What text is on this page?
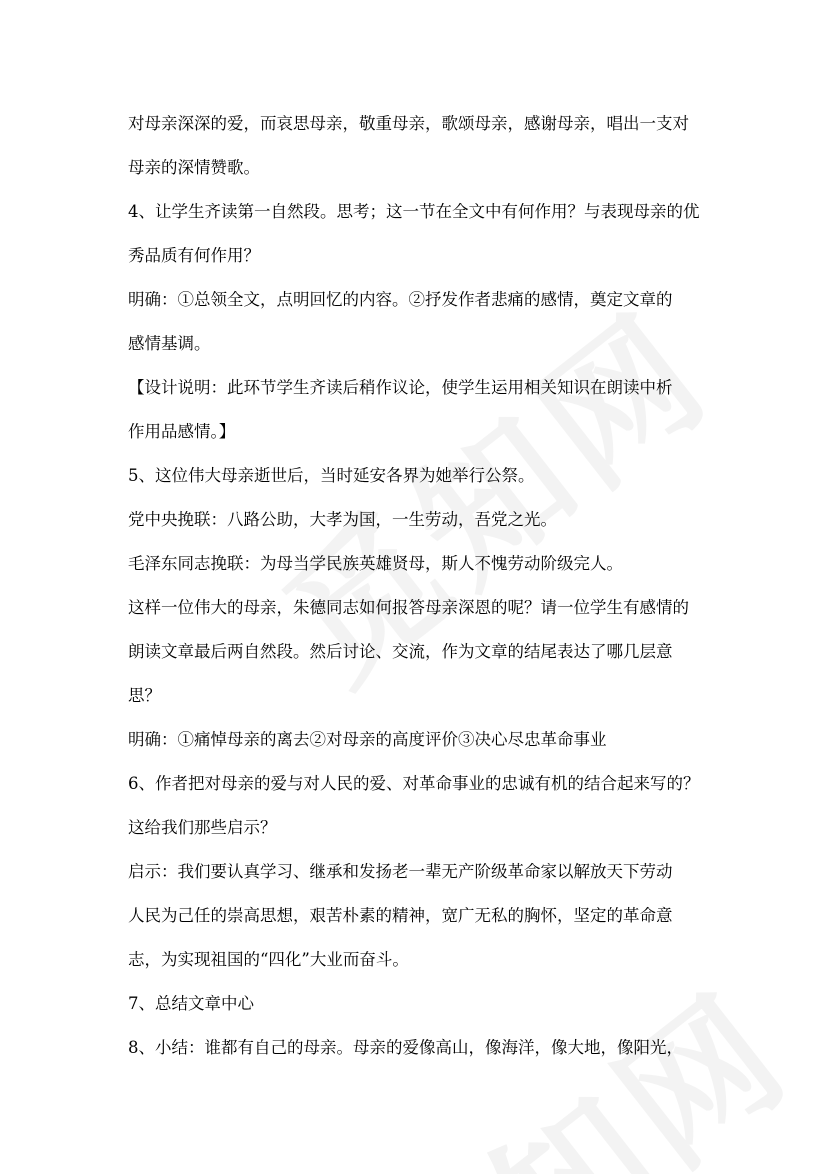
对母亲深深的爱，而哀思母亲，敬重母亲，歌颂母亲，感谢母亲，唱出一支对
母亲的深情赞歌。
4、让学生齐读第一自然段。思考；这一节在全文中有何作用？与表现母亲的优
秀品质有何作用？
明确：①总领全文，点明回忆的内容。②抒发作者悲痛的感情，奠定文章的
感情基调。
【设计说明：此环节学生齐读后稍作议论，使学生运用相关知识在朗读中析
作用品感情。】
5、这位伟大母亲逝世后，当时延安各界为她举行公祭。
党中央挽联：八路公助，大孝为国，一生劳动，吾党之光。
毛泽东同志挽联：为母当学民族英雄贤母，斯人不愧劳动阶级完人。
这样一位伟大的母亲，朱德同志如何报答母亲深恩的呢？请一位学生有感情的
朗读文章最后两自然段。然后讨论、交流，作为文章的结尾表达了哪几层意
思？
明确：①痛悼母亲的离去②对母亲的高度评价③决心尽忠革命事业
6、作者把对母亲的爱与对人民的爱、对革命事业的忠诚有机的结合起来写的？
这给我们那些启示？
启示：我们要认真学习、继承和发扬老一辈无产阶级革命家以解放天下劳动
人民为己任的崇高思想，艰苦朴素的精神，宽广无私的胸怀，坚定的革命意
志，为实现祖国的“四化”大业而奋斗。
7、总结文章中心
8、小结：谁都有自己的母亲。母亲的爱像高山，像海洋，像大地，像阳光，
